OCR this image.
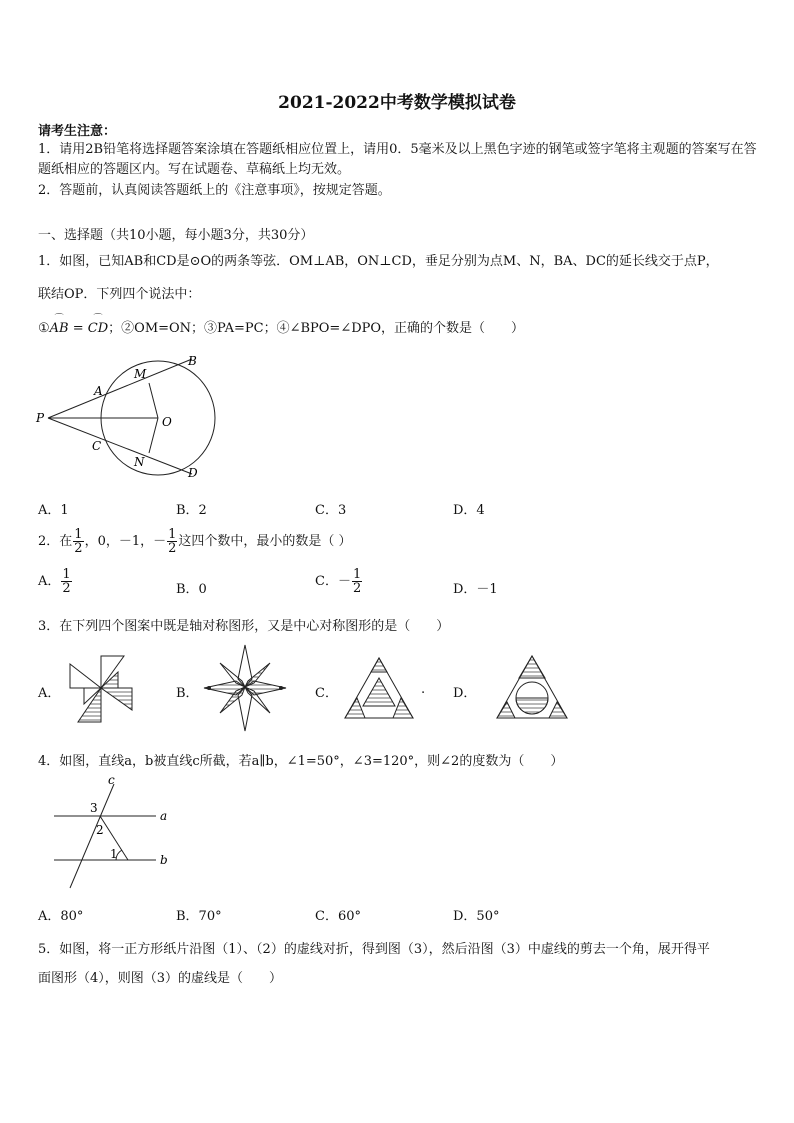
2021-2022中考数学模拟试卷
请考生注意：
1．请用2B铅笔将选择题答案涂填在答题纸相应位置上，请用0．5毫米及以上黑色字迹的钢笔或签字笔将主观题的答案写在答题纸相应的答题区内。写在试题卷、草稿纸上均无效。
2．答题前，认真阅读答题纸上的《注意事项》，按规定答题。
一、选择题（共10小题，每小题3分，共30分）
1．如图，已知AB和CD是⊙O的两条等弦．OM⊥AB，ON⊥CD，垂足分别为点M、N，BA、DC的延长线交于点P，
联结OP．下列四个说法中：
①⌒ AB = ⌒ CD；②OM=ON；③PA=PC；④∠BPO=∠DPO，正确的个数是（　　）
P
A
B
M
O
C
N
D
A．1	B．2	C．3	D．4
2．在 $\frac{1}{2}$ ，0，－1，－ $\frac{1}{2}$ 这四个数中，最小的数是（ ）
A． $\frac{1}{2}$	B．0
C．－ $\frac{1}{2}$	D．－1
3．在下列四个图案中既是轴对称图形，又是中心对称图形的是（　　）
A．	B．	C．	. D．
4．如图，直线a，b被直线c所截，若a∥b，∠1=50°，∠3=120°，则∠2的度数为（　　）
c
a
b
1
2
3
A．80°	B．70°	C．60°	D．50°
5．如图，将一正方形纸片沿图（1）、（2）的虚线对折，得到图（3），然后沿图（3）中虚线的剪去一个角，展开得平
面图形（4），则图（3）的虚线是（　　）
